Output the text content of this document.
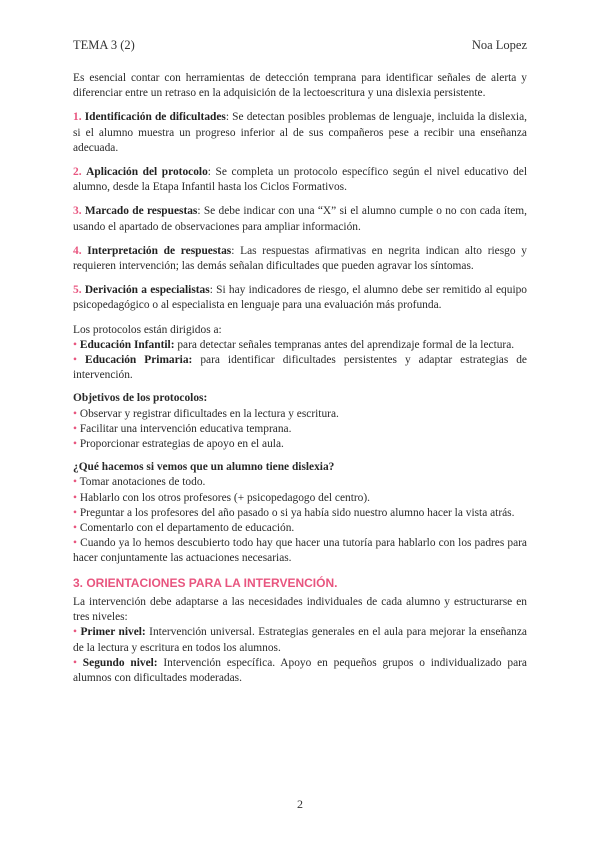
TEMA 3 (2)	Noa Lopez

Es esencial contar con herramientas de detección temprana para identificar señales de alerta y diferenciar entre un retraso en la adquisición de la lectoescritura y una dislexia persistente.

1. Identificación de dificultades: Se detectan posibles problemas de lenguaje, incluida la dislexia, si el alumno muestra un progreso inferior al de sus compañeros pese a recibir una enseñanza adecuada.

2. Aplicación del protocolo: Se completa un protocolo específico según el nivel educativo del alumno, desde la Etapa Infantil hasta los Ciclos Formativos.

3. Marcado de respuestas: Se debe indicar con una “X” si el alumno cumple o no con cada ítem, usando el apartado de observaciones para ampliar información.

4. Interpretación de respuestas: Las respuestas afirmativas en negrita indican alto riesgo y requieren intervención; las demás señalan dificultades que pueden agravar los síntomas.

5. Derivación a especialistas: Si hay indicadores de riesgo, el alumno debe ser remitido al equipo psicopedagógico o al especialista en lenguaje para una evaluación más profunda.

Los protocolos están dirigidos a:

• Educación Infantil: para detectar señales tempranas antes del aprendizaje formal de la lectura.

• Educación Primaria: para identificar dificultades persistentes y adaptar estrategias de intervención.

Objetivos de los protocolos:

• Observar y registrar dificultades en la lectura y escritura.

• Facilitar una intervención educativa temprana.

• Proporcionar estrategias de apoyo en el aula.

¿Qué hacemos si vemos que un alumno tiene dislexia?

• Tomar anotaciones de todo.

• Hablarlo con los otros profesores (+ psicopedagogo del centro).

• Preguntar a los profesores del año pasado o si ya había sido nuestro alumno hacer la vista atrás.

• Comentarlo con el departamento de educación.

• Cuando ya lo hemos descubierto todo hay que hacer una tutoría para hablarlo con los padres para hacer conjuntamente las actuaciones necesarias.

3. ORIENTACIONES PARA LA INTERVENCIÓN.

La intervención debe adaptarse a las necesidades individuales de cada alumno y estructurarse en tres niveles:

• Primer nivel: Intervención universal. Estrategias generales en el aula para mejorar la enseñanza de la lectura y escritura en todos los alumnos.

• Segundo nivel: Intervención específica. Apoyo en pequeños grupos o individualizado para alumnos con dificultades moderadas.

2
